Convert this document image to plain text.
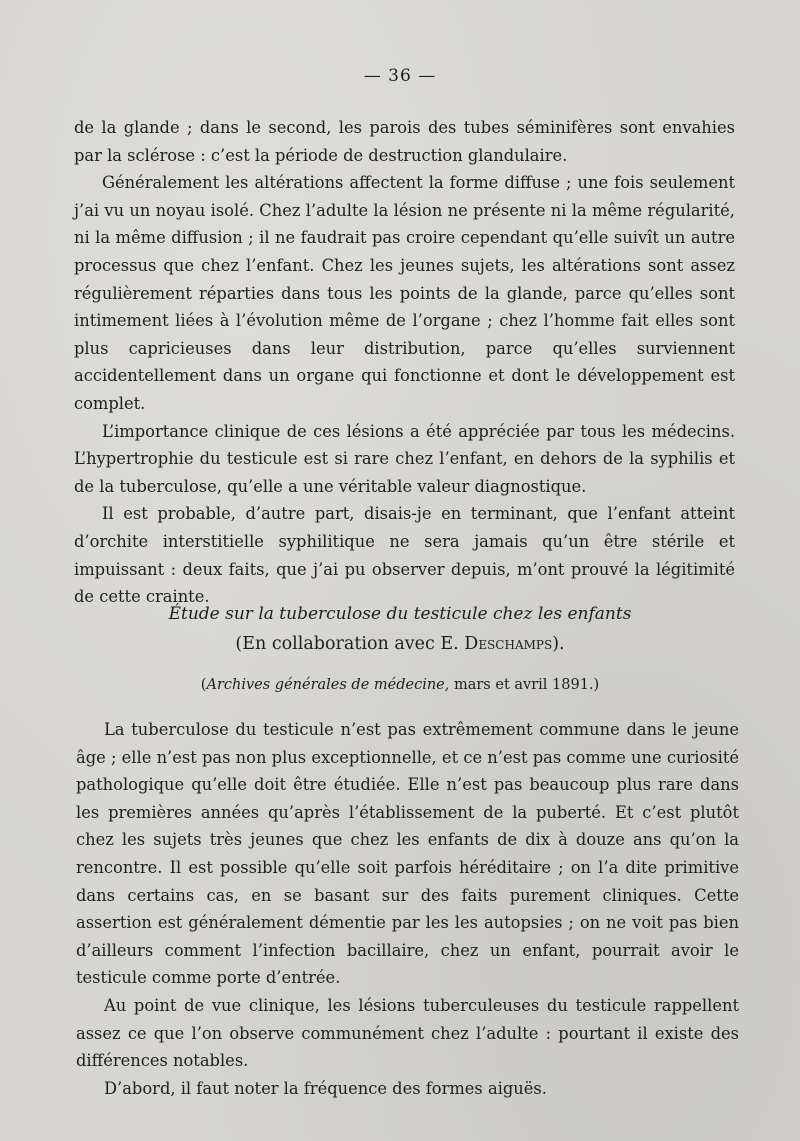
— 36 —

de la glande ; dans le second, les parois des tubes séminifères sont envahies par la sclérose : c’est la période de destruction glandulaire.

Généralement les altérations affectent la forme diffuse ; une fois seulement j’ai vu un noyau isolé. Chez l’adulte la lésion ne présente ni la même régularité, ni la même diffusion ; il ne faudrait pas croire cependant qu’elle suivît un autre processus que chez l’enfant. Chez les jeunes sujets, les altérations sont assez régulièrement réparties dans tous les points de la glande, parce qu’elles sont intimement liées à l’évolution même de l’organe ; chez l’homme fait elles sont plus capricieuses dans leur distribution, parce qu’elles surviennent accidentellement dans un organe qui fonctionne et dont le développement est complet.

L’importance clinique de ces lésions a été appréciée par tous les médecins. L’hypertrophie du testicule est si rare chez l’enfant, en dehors de la syphilis et de la tuberculose, qu’elle a une véritable valeur diagnostique.

Il est probable, d’autre part, disais-je en terminant, que l’enfant atteint d’orchite interstitielle syphilitique ne sera jamais qu’un être stérile et impuissant : deux faits, que j’ai pu observer depuis, m’ont prouvé la légitimité de cette crainte.

Étude sur la tuberculose du testicule chez les enfants
(En collaboration avec E. Deschamps).
(Archives générales de médecine, mars et avril 1891.)

La tuberculose du testicule n’est pas extrêmement commune dans le jeune âge ; elle n’est pas non plus exceptionnelle, et ce n’est pas comme une curiosité pathologique qu’elle doit être étudiée. Elle n’est pas beaucoup plus rare dans les premières années qu’après l’établissement de la puberté. Et c’est plutôt chez les sujets très jeunes que chez les enfants de dix à douze ans qu’on la rencontre. Il est possible qu’elle soit parfois héréditaire ; on l’a dite primitive dans certains cas, en se basant sur des faits purement cliniques. Cette assertion est généralement démentie par les les autopsies ; on ne voit pas bien d’ailleurs comment l’infection bacillaire, chez un enfant, pourrait avoir le testicule comme porte d’entrée.

Au point de vue clinique, les lésions tuberculeuses du testicule rappellent assez ce que l’on observe communément chez l’adulte : pourtant il existe des différences notables.

D’abord, il faut noter la fréquence des formes aiguës.
